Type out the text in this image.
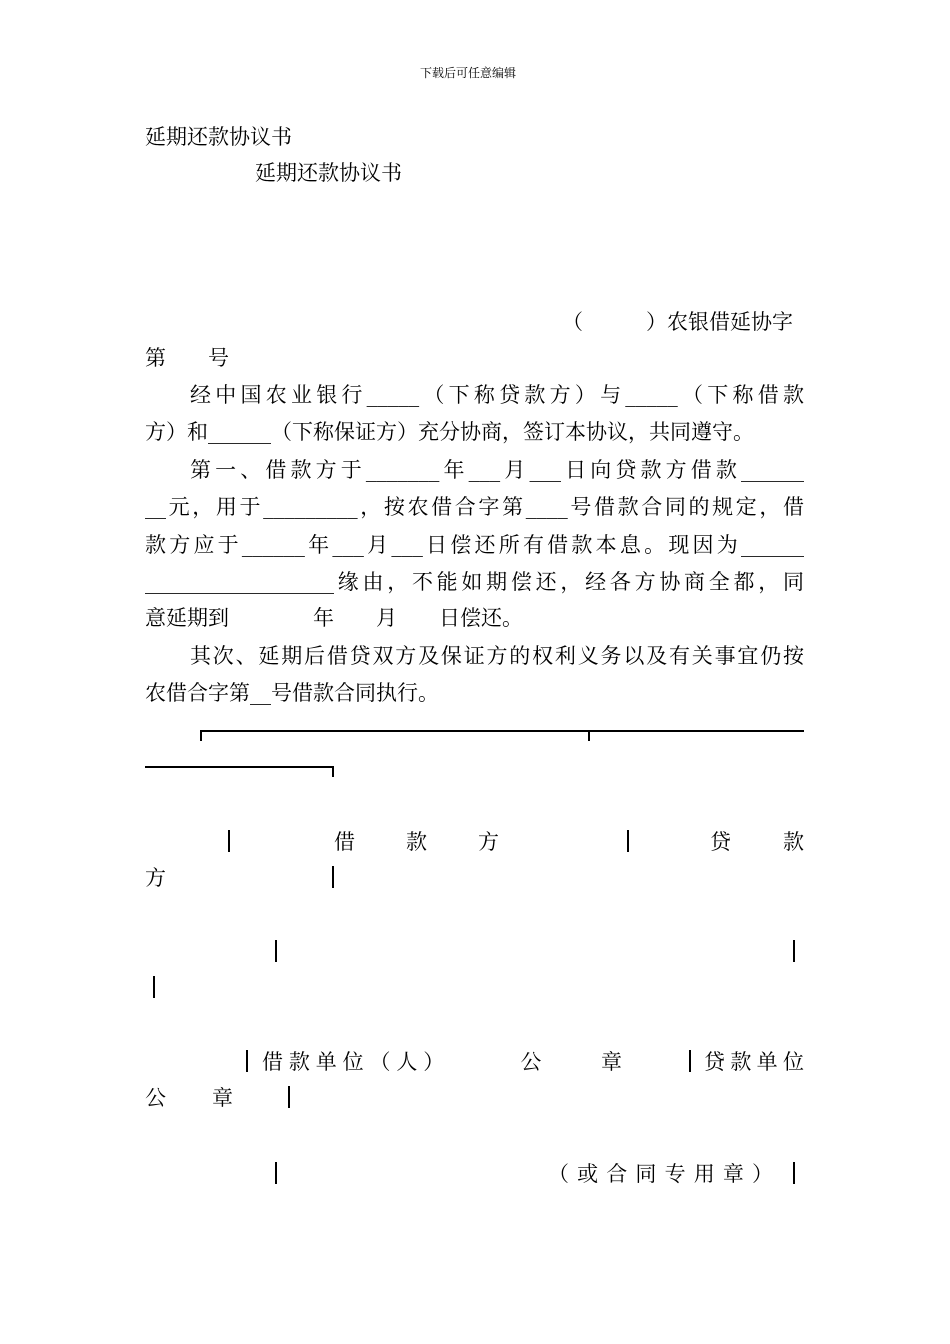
下载后可任意编辑
延期还款协议书
延期还款协议书
（　　　）农银借延协字
第　　号
经中国农业银行_____（下称贷款方）与_____（下称借款
方）和______（下称保证方）充分协商，签订本协议，共同遵守。
第一、借款方于_______年___月___日向贷款方借款______
__元，用于_________，按农借合字第____号借款合同的规定，借
款方应于______年___月___日偿还所有借款本息。现因为______
__________________缘由，不能如期偿还，经各方协商全都，同
意延期到　　　　年　　月　　日偿还。
其次、延期后借贷双方及保证方的权利义务以及有关事宜仍按
农借合字第__号借款合同执行。
借　款　方	贷　　款
方
借款单位（人）　　　公　　章	贷款单位
公　章
（或合同专用章）
